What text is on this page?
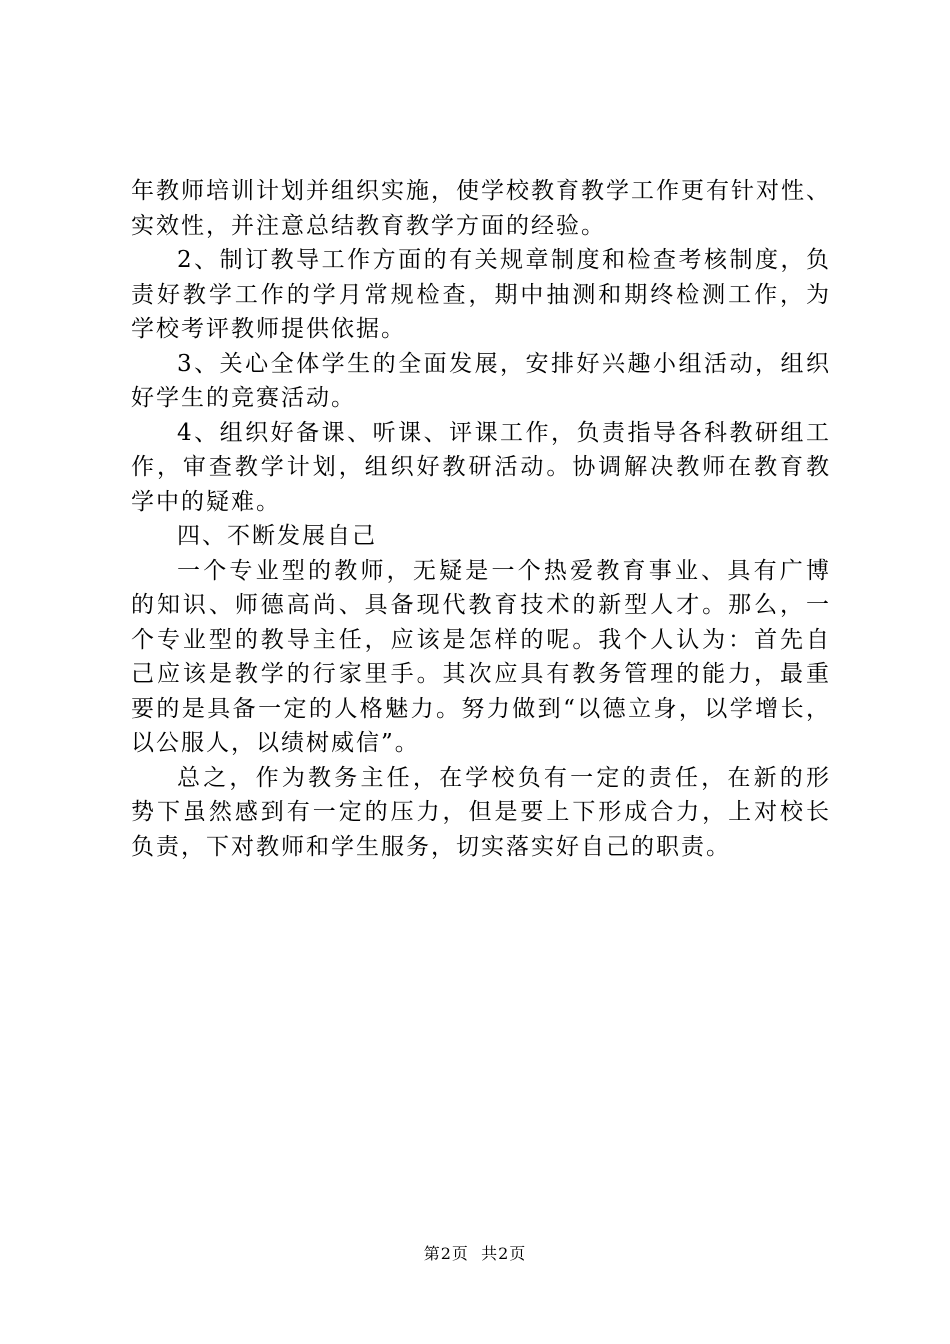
年教师培训计划并组织实施，使学校教育教学工作更有针对性、
实效性，并注意总结教育教学方面的经验。
2、制订教导工作方面的有关规章制度和检查考核制度，负
责好教学工作的学月常规检查，期中抽测和期终检测工作，为
学校考评教师提供依据。
3、关心全体学生的全面发展，安排好兴趣小组活动，组织
好学生的竞赛活动。
4、组织好备课、听课、评课工作，负责指导各科教研组工
作，审查教学计划，组织好教研活动。协调解决教师在教育教
学中的疑难。
四、不断发展自己
一个专业型的教师，无疑是一个热爱教育事业、具有广博
的知识、师德高尚、具备现代教育技术的新型人才。那么，一
个专业型的教导主任，应该是怎样的呢。我个人认为：首先自
己应该是教学的行家里手。其次应具有教务管理的能力，最重
要的是具备一定的人格魅力。努力做到“以德立身，以学增长，
以公服人，以绩树威信”。
总之，作为教务主任，在学校负有一定的责任，在新的形
势下虽然感到有一定的压力，但是要上下形成合力，上对校长
负责，下对教师和学生服务，切实落实好自己的职责。
第2页  共2页
